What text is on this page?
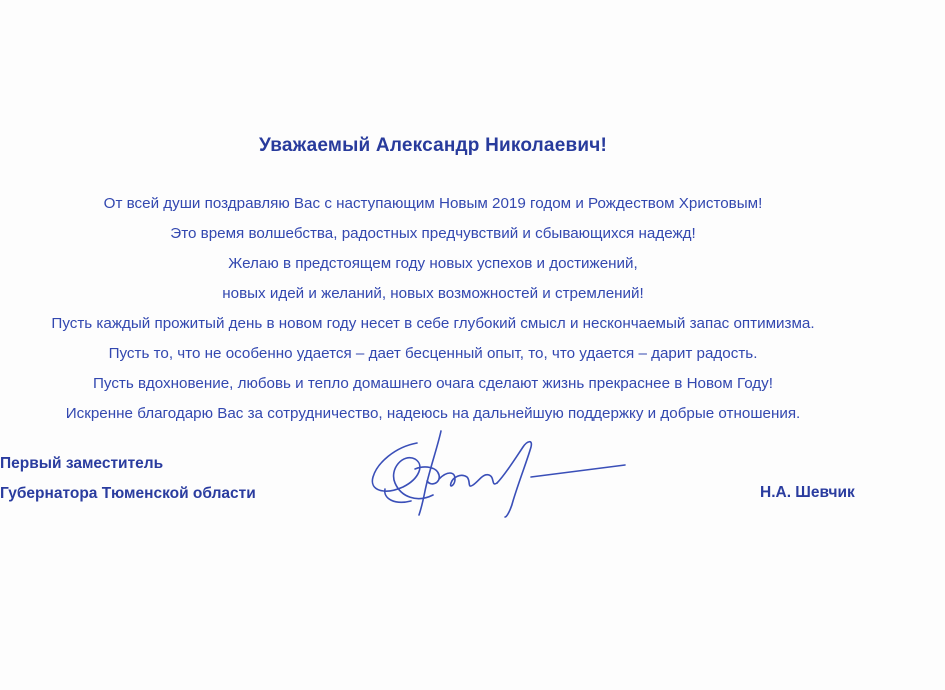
Уважаемый Александр Николаевич!
От всей души поздравляю Вас с наступающим Новым 2019 годом и Рождеством Христовым!
Это время волшебства, радостных предчувствий и сбывающихся надежд!
Желаю в предстоящем году новых успехов и достижений,
новых идей и желаний, новых возможностей и стремлений!
Пусть каждый прожитый день в новом году несет в себе глубокий смысл и нескончаемый запас оптимизма.
Пусть то, что не особенно удается – дает бесценный опыт, то, что удается – дарит радость.
Пусть вдохновение, любовь и тепло домашнего очага сделают жизнь прекраснее в Новом Году!
Искренне благодарю Вас за сотрудничество, надеюсь на дальнейшую поддержку и добрые отношения.
Первый заместитель
Губернатора Тюменской области	Н.А. Шевчик
